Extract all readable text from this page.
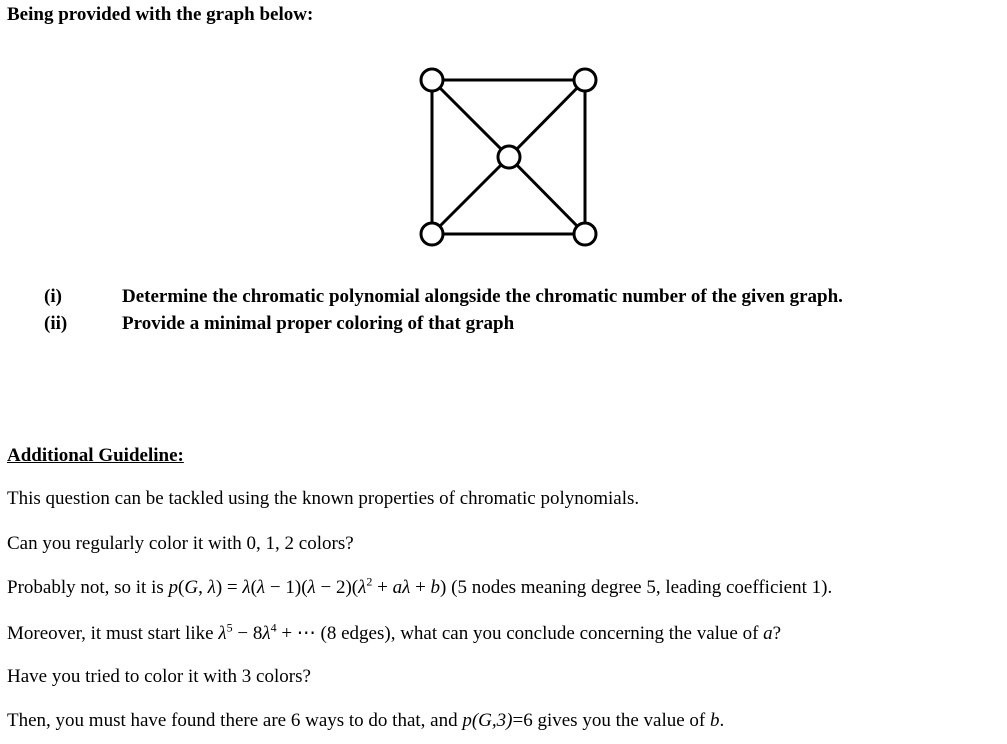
Being provided with the graph below:
(i)	Determine the chromatic polynomial alongside the chromatic number of the given graph.
(ii)	Provide a minimal proper coloring of that graph
Additional Guideline:
This question can be tackled using the known properties of chromatic polynomials.
Can you regularly color it with 0, 1, 2 colors?
Probably not, so it is p(G, $\lambda) = \lambda(\lambda - 1)(\lambda - 2)(\lambda^2 + a\lambda + b)$ (5 nodes meaning degree 5, leading coefficient 1).
Moreover, it must start like $\lambda^5 - 8\lambda^4$ + ⋯ (8 edges), what can you conclude concerning the value of a?
Have you tried to color it with 3 colors?
Then, you must have found there are 6 ways to do that, and p(G,3)=6 gives you the value of b.
